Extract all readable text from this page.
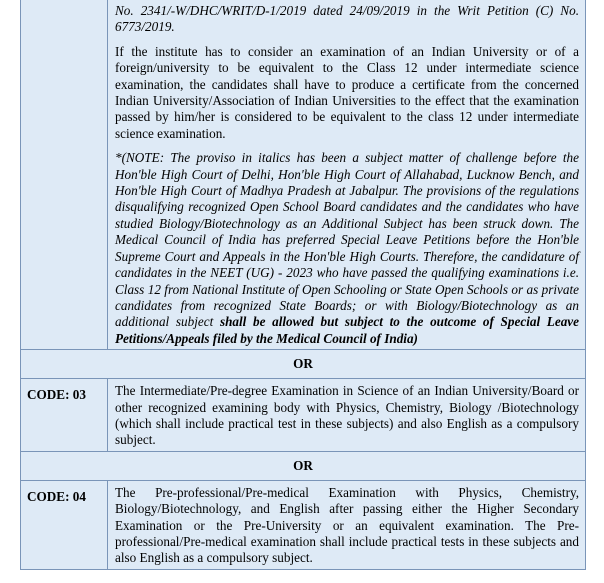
	No. 2341/-W/DHC/WRIT/D-1/2019 dated 24/09/2019 in the Writ Petition (C) No. 6773/2019.

If the institute has to consider an examination of an Indian University or of a foreign/university to be equivalent to the Class 12 under intermediate science examination, the candidates shall have to produce a certificate from the concerned Indian University/Association of Indian Universities to the effect that the examination passed by him/her is considered to be equivalent to the class 12 under intermediate science examination.

*(NOTE: The proviso in italics has been a subject matter of challenge before the Hon'ble High Court of Delhi, Hon'ble High Court of Allahabad, Lucknow Bench, and Hon'ble High Court of Madhya Pradesh at Jabalpur. The provisions of the regulations disqualifying recognized Open School Board candidates and the candidates who have studied Biology/Biotechnology as an Additional Subject has been struck down. The Medical Council of India has preferred Special Leave Petitions before the Hon'ble Supreme Court and Appeals in the Hon'ble High Courts. Therefore, the candidature of candidates in the NEET (UG) - 2023 who have passed the qualifying examinations i.e. Class 12 from National Institute of Open Schooling or State Open Schools or as private candidates from recognized State Boards; or with Biology/Biotechnology as an additional subject shall be allowed but subject to the outcome of Special Leave Petitions/Appeals filed by the Medical Council of India)

OR	
CODE: 03	The Intermediate/Pre-degree Examination in Science of an Indian University/Board or other recognized examining body with Physics, Chemistry, Biology /Biotechnology (which shall include practical test in these subjects) and also English as a compulsory subject.
OR	
CODE: 04	The Pre-professional/Pre-medical Examination with Physics, Chemistry, Biology/Biotechnology, and English after passing either the Higher Secondary Examination or the Pre-University or an equivalent examination. The Pre-professional/Pre-medical examination shall include practical tests in these subjects and also English as a compulsory subject.
